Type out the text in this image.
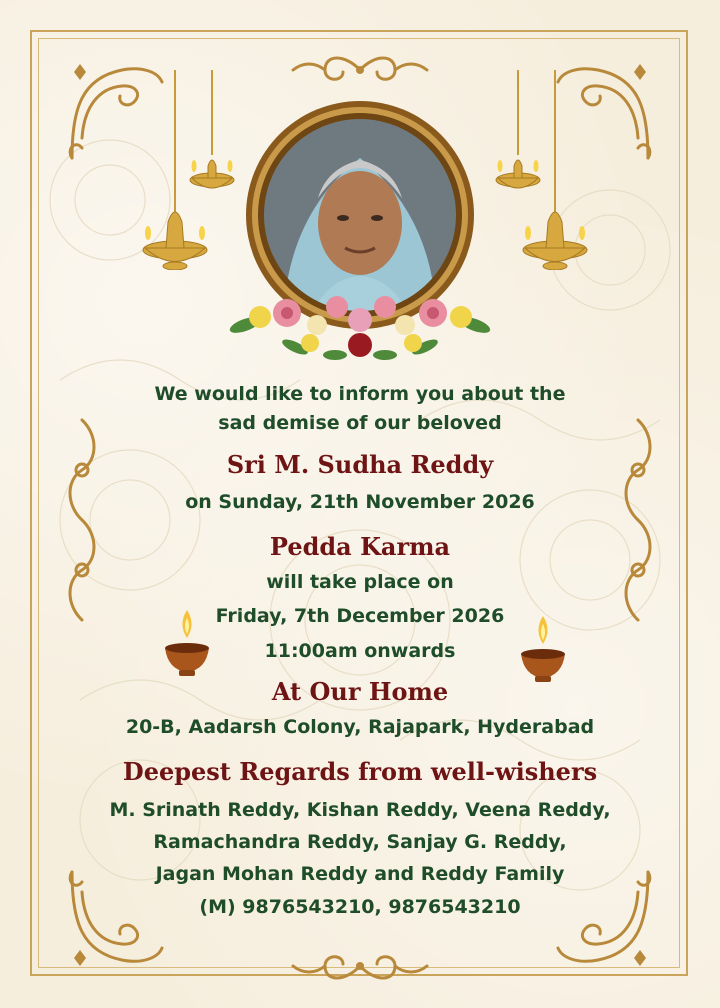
We would like to inform you about the
sad demise of our beloved
Sri M. Sudha Reddy
on Sunday, 21th November 2026
Pedda Karma
will take place on
Friday, 7th December 2026
11:00am onwards
At Our Home
20-B, Aadarsh Colony, Rajapark, Hyderabad
Deepest Regards from well-wishers
M. Srinath Reddy, Kishan Reddy, Veena Reddy,
Ramachandra Reddy, Sanjay G. Reddy,
Jagan Mohan Reddy and Reddy Family
(M) 9876543210, 9876543210
